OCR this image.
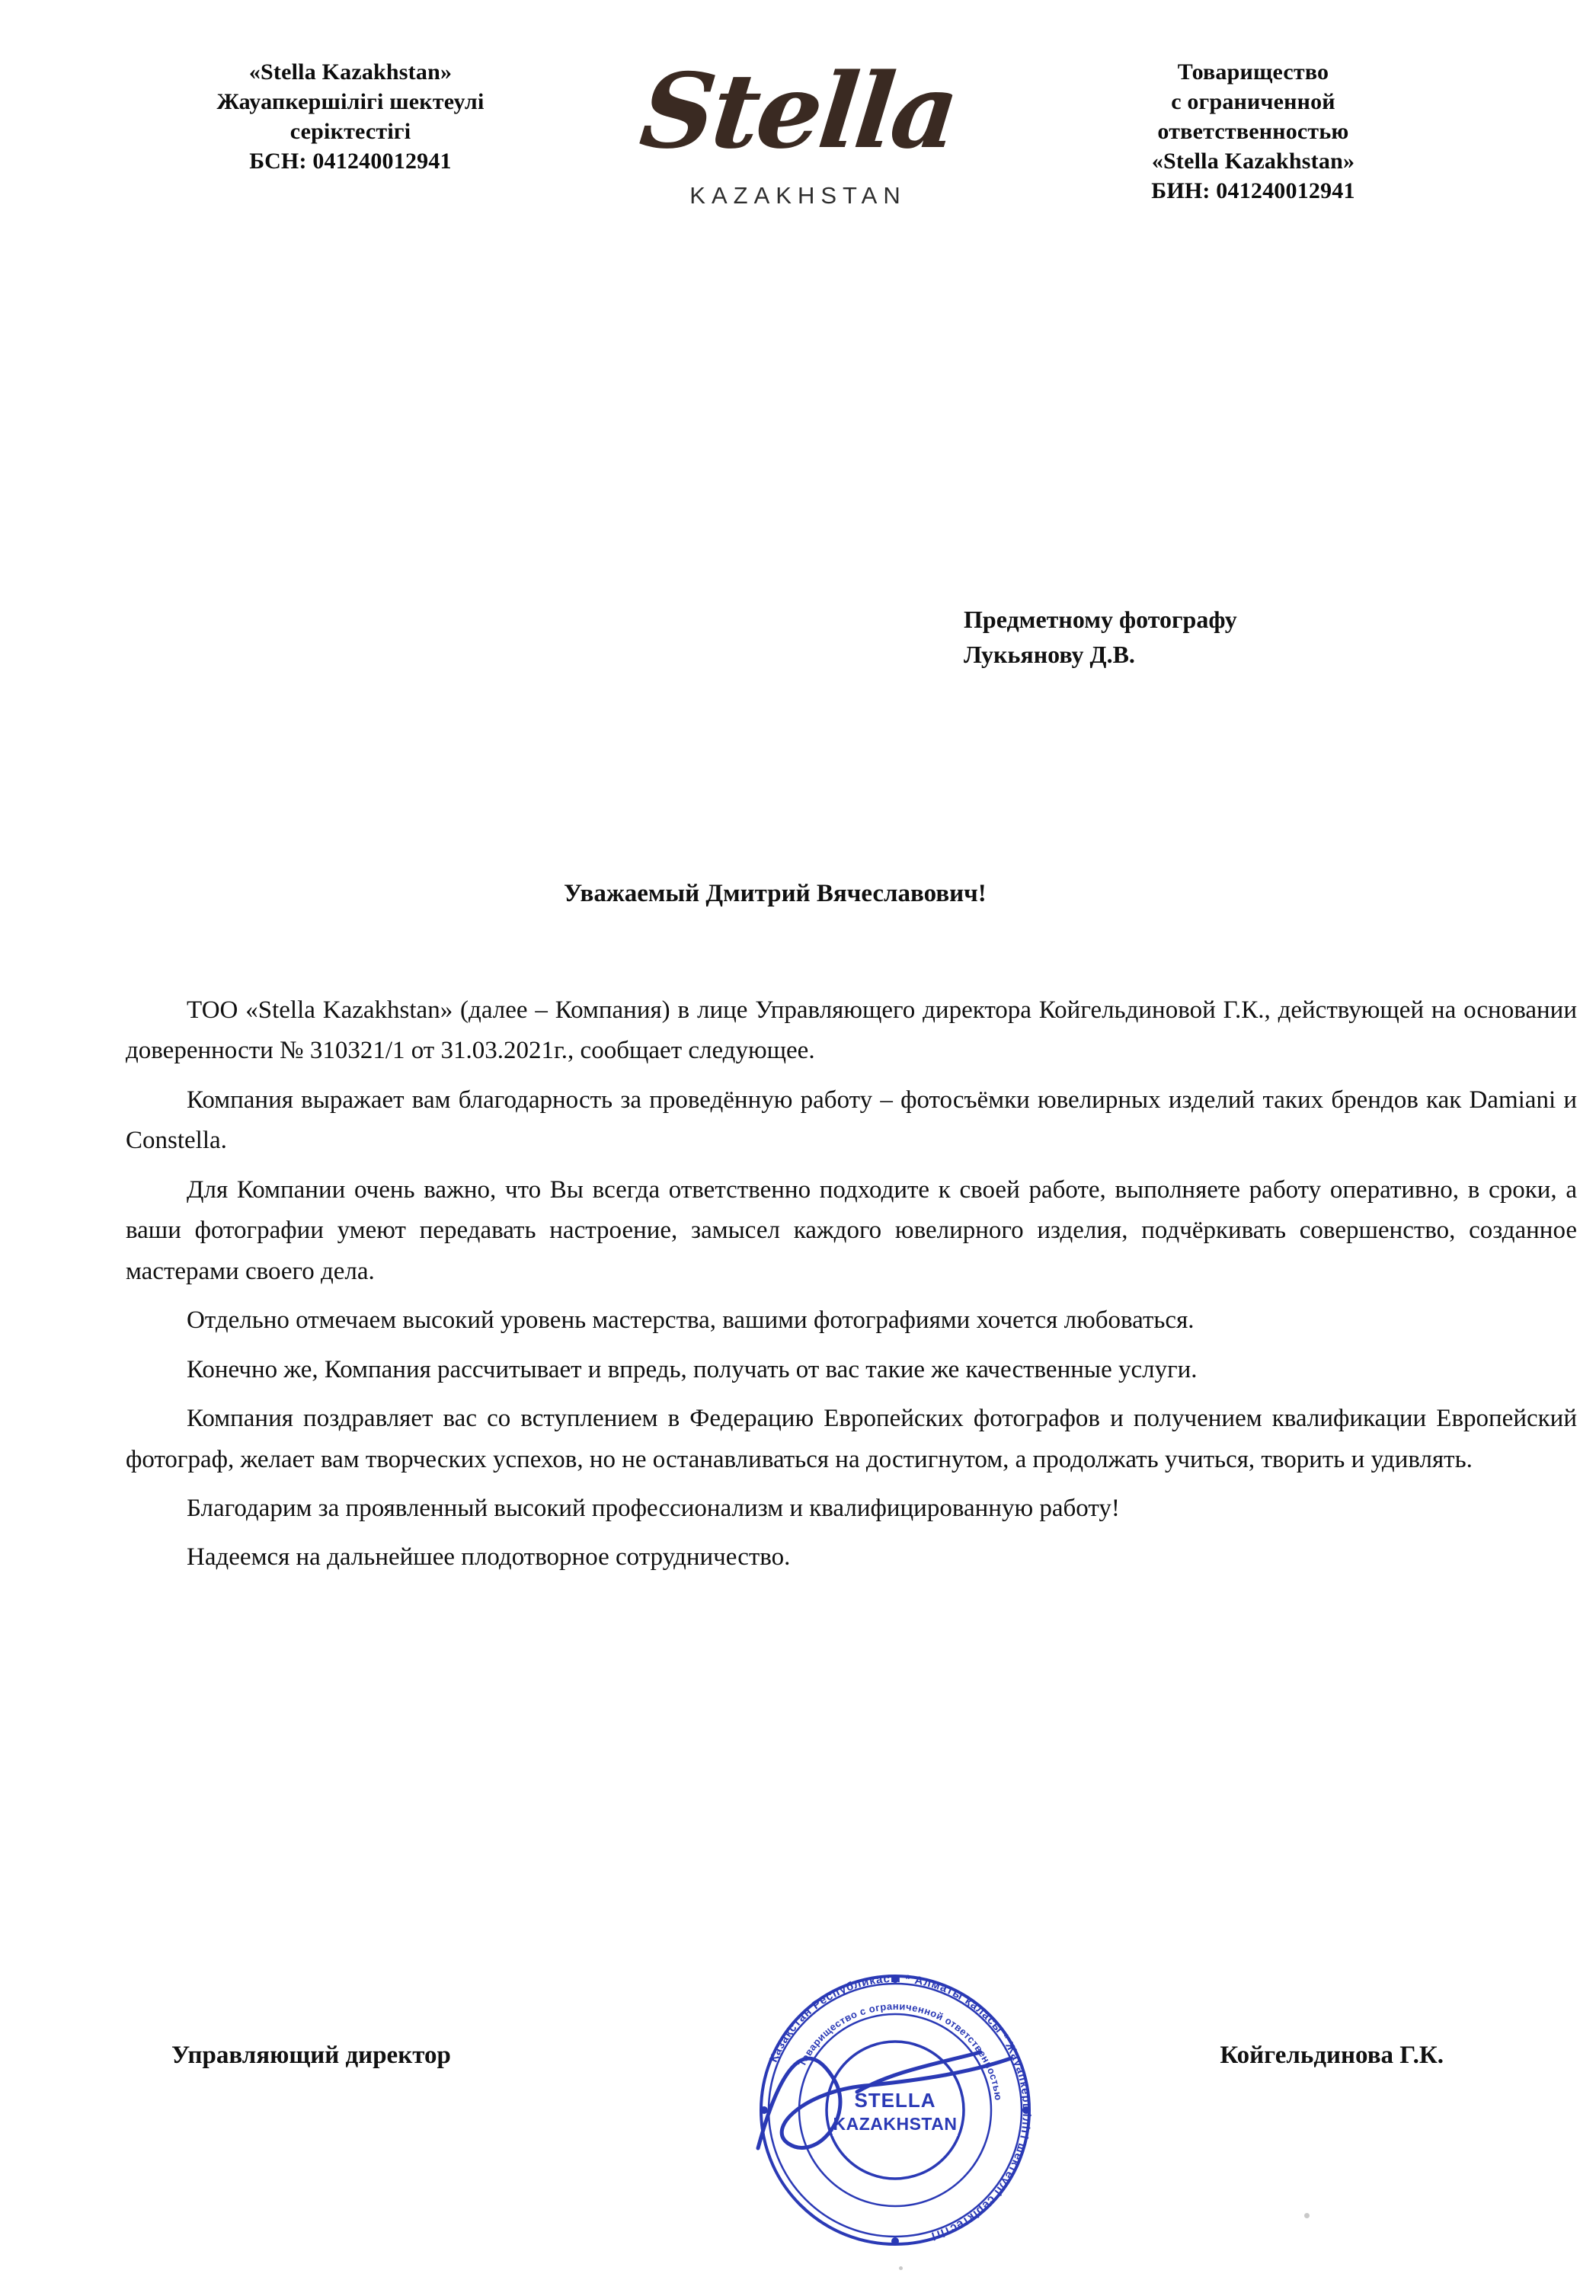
«Stella Kazakhstan»
Жауапкершілігі шектеулі
серіктестігі
БСН: 041240012941	Stella
KAZAKHSTAN
Товарищество
с ограниченной
ответственностью
«Stella Kazakhstan»
БИН: 041240012941
Предметному фотографу
Лукьянову Д.В.
Уважаемый Дмитрий Вячеславович!

ТОО «Stella Kazakhstan» (далее – Компания) в лице Управляющего директора Койгельдиновой Г.К., действующей на основании доверенности № 310321/1 от 31.03.2021г., сообщает следующее.

Компания выражает вам благодарность за проведённую работу – фотосъёмки ювелирных изделий таких брендов как Damiani и Constella.

Для Компании очень важно, что Вы всегда ответственно подходите к своей работе, выполняете работу оперативно, в сроки, а ваши фотографии умеют передавать настроение, замысел каждого ювелирного изделия, подчёркивать совершенство, созданное мастерами своего дела.

Отдельно отмечаем высокий уровень мастерства, вашими фотографиями хочется любоваться.

Конечно же, Компания рассчитывает и впредь, получать от вас такие же качественные услуги.

Компания поздравляет вас со вступлением в Федерацию Европейских фотографов и получением квалификации Европейский фотограф, желает вам творческих успехов, но не останавливаться на достигнутом, а продолжать учиться, творить и удивлять.

Благодарим за проявленный высокий профессионализм и квалифицированную работу!

Надеемся на дальнейшее плодотворное сотрудничество.

Управляющий директор	Койгельдинова Г.К.
Қазақстан Республикасы * Алматы қаласы * Жауапкершілігі шектеулі серіктестігі
Товарищество с ограниченной ответственностью
STELLA
KAZAKHSTAN
